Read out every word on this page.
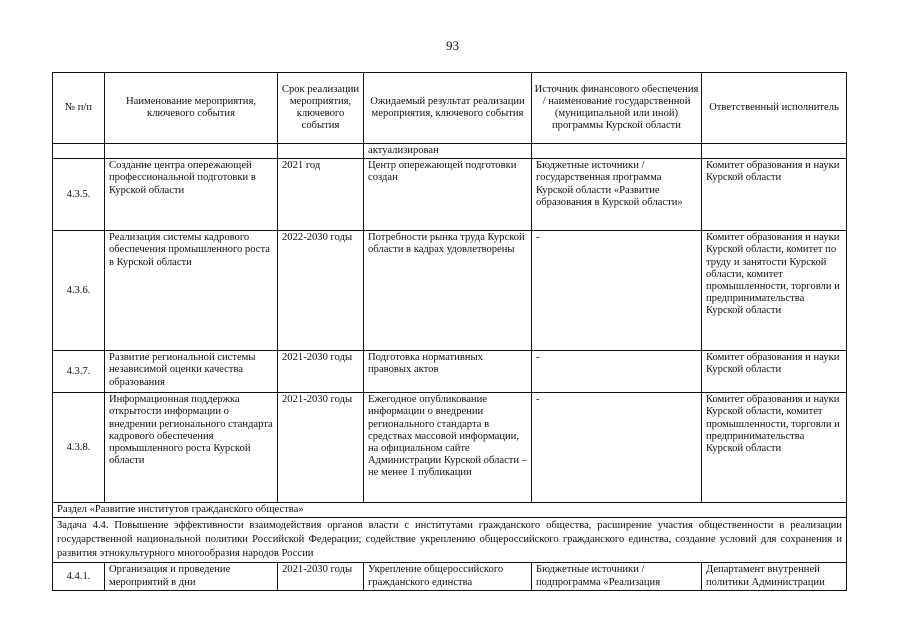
93
№ п/п	Наименование мероприятия, ключевого события	Срок реализации мероприятия, ключевого события	Ожидаемый результат реализации мероприятия, ключевого события	Источник финансового обеспечения / наименование государственной (муниципальной или иной) программы Курской области	Ответственный исполнитель
			актуализирован		
4.3.5.	Создание центра опережающей профессиональной подготовки в Курской области	2021 год	Центр опережающей подготовки создан	Бюджетные источники / государственная программа Курской области «Развитие образования в Курской области»	Комитет образования и науки Курской области
4.3.6.	Реализация системы кадрового обеспечения промышленного роста в Курской области	2022-2030 годы	Потребности рынка труда Курской области в кадрах удовлетворены	-	Комитет образования и науки Курской области, комитет по труду и занятости Курской области, комитет промышленности, торговли и предпринимательства Курской области
4.3.7.	Развитие региональной системы независимой оценки качества образования	2021-2030 годы	Подготовка нормативных правовых актов	-	Комитет образования и науки Курской области
4.3.8.	Информационная поддержка открытости информации о внедрении регионального стандарта кадрового обеспечения промышленного роста Курской области	2021-2030 годы	Ежегодное опубликование информации о внедрении регионального стандарта в средствах массовой информации, на официальном сайте Администрации Курской области – не менее 1 публикации	-	Комитет образования и науки Курской области, комитет промышленности, торговли и предпринимательства Курской области
Раздел «Развитие институтов гражданского общества»					
Задача 4.4. Повышение эффективности взаимодействия органов власти с институтами гражданского общества, расширение участия общественности в реализации государственной национальной политики Российской Федерации; содействие укреплению общероссийского гражданского единства, создание условий для сохранения и развития этнокультурного многообразия народов России					
4.4.1.	Организация и проведение мероприятий в дни	2021-2030 годы	Укрепление общероссийского гражданского единства	Бюджетные источники / подпрограмма «Реализация	Департамент внутренней политики Администрации
